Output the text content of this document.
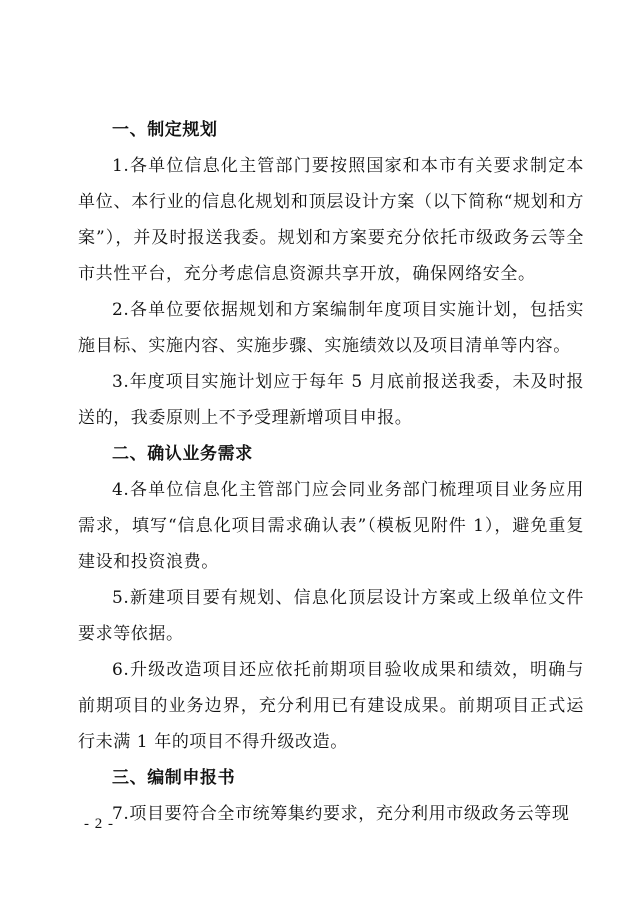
一、制定规划

1.各单位信息化主管部门要按照国家和本市有关要求制定本单位、本行业的信息化规划和顶层设计方案（以下简称“规划和方案”），并及时报送我委。规划和方案要充分依托市级政务云等全市共性平台，充分考虑信息资源共享开放，确保网络安全。

2.各单位要依据规划和方案编制年度项目实施计划，包括实施目标、实施内容、实施步骤、实施绩效以及项目清单等内容。

3.年度项目实施计划应于每年 5 月底前报送我委，未及时报送的，我委原则上不予受理新增项目申报。

二、确认业务需求

4.各单位信息化主管部门应会同业务部门梳理项目业务应用需求，填写“信息化项目需求确认表”（模板见附件 1），避免重复建设和投资浪费。

5.新建项目要有规划、信息化顶层设计方案或上级单位文件要求等依据。

6.升级改造项目还应依托前期项目验收成果和绩效，明确与前期项目的业务边界，充分利用已有建设成果。前期项目正式运行未满 1 年的项目不得升级改造。

三、编制申报书

7.项目要符合全市统筹集约要求，充分利用市级政务云等现

- 2 -
